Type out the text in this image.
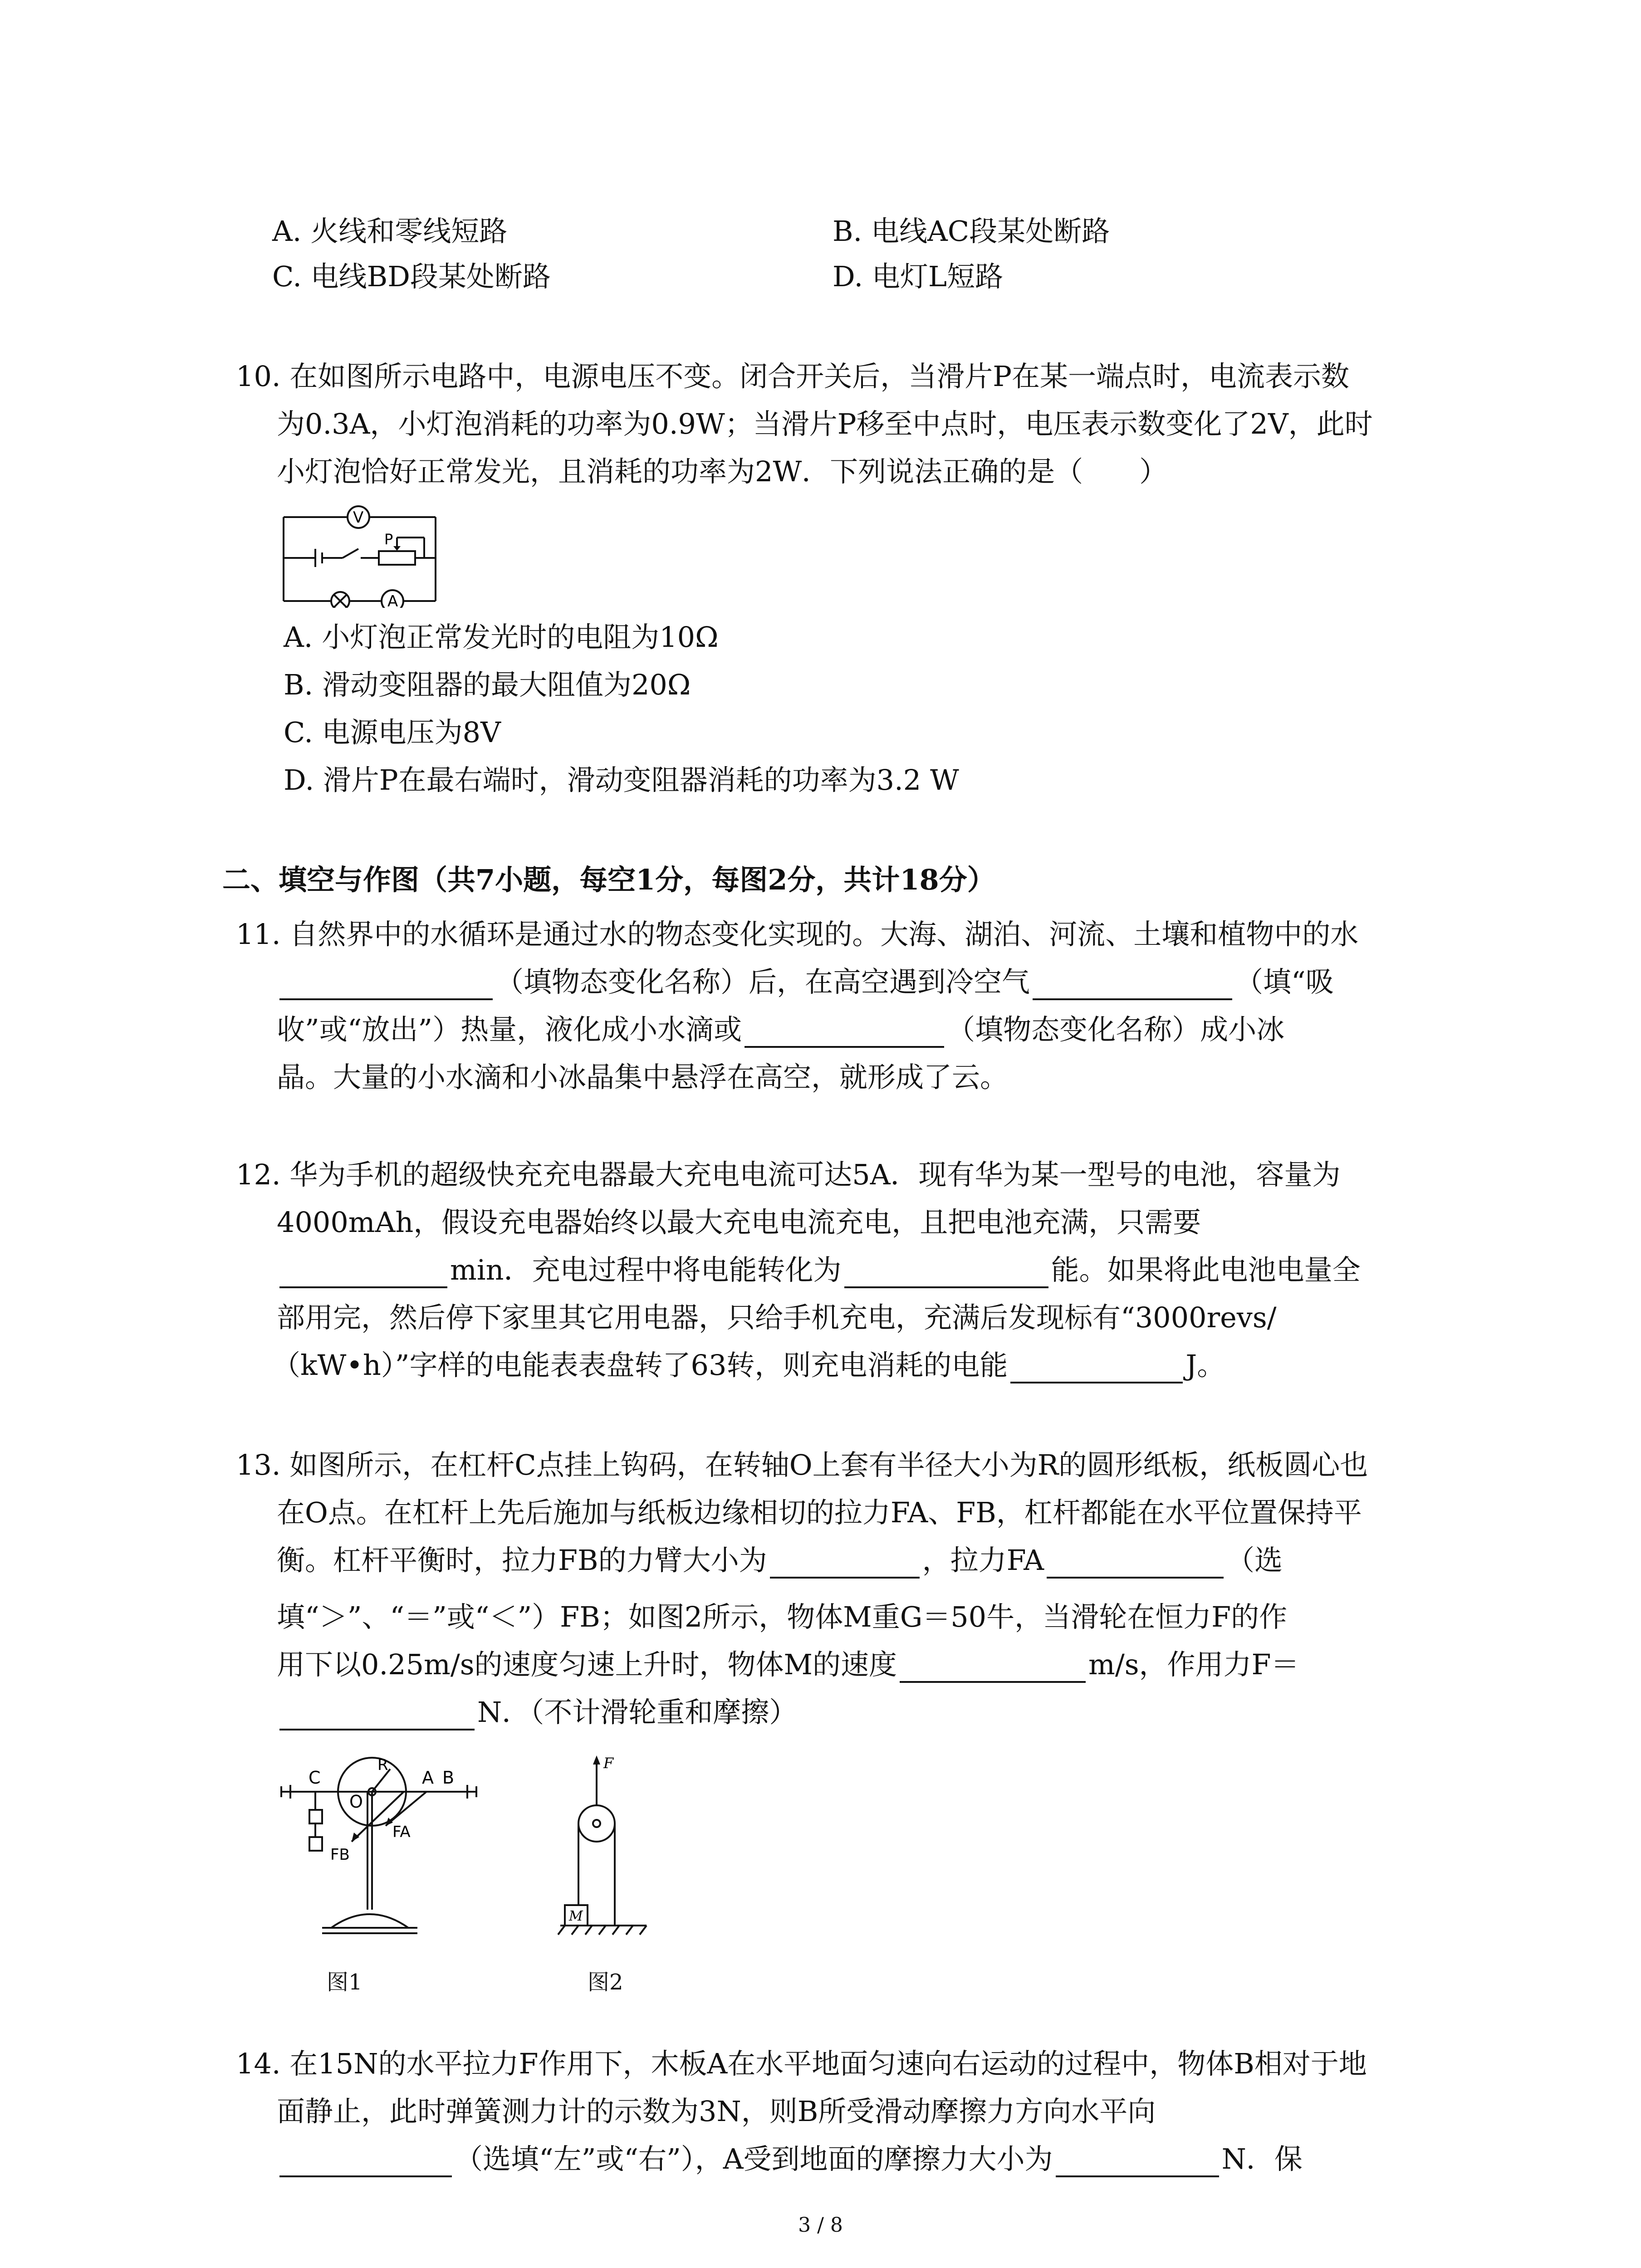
A. 火线和零线短路	B. 电线AC段某处断路
C. 电线BD段某处断路	D. 电灯L短路
10. 在如图所示电路中，电源电压不变。闭合开关后，当滑片P在某一端点时，电流表示数
为0.3A，小灯泡消耗的功率为0.9W；当滑片P移至中点时，电压表示数变化了2V，此时
小灯泡恰好正常发光，且消耗的功率为2W．下列说法正确的是（　　）
V
A
P
A. 小灯泡正常发光时的电阻为10Ω
B. 滑动变阻器的最大阻值为20Ω
C. 电源电压为8V
D. 滑片P在最右端时，滑动变阻器消耗的功率为3.2 W
二、填空与作图（共7小题，每空1分，每图2分，共计18分）
11. 自然界中的水循环是通过水的物态变化实现的。大海、湖泊、河流、土壤和植物中的水
（填物态变化名称）后，在高空遇到冷空气	（填“吸
收”或“放出”）热量，液化成小水滴或	（填物态变化名称）成小冰
晶。大量的小水滴和小冰晶集中悬浮在高空，就形成了云。
12. 华为手机的超级快充充电器最大充电电流可达5A．现有华为某一型号的电池，容量为
4000mAh，假设充电器始终以最大充电电流充电，且把电池充满，只需要
min．充电过程中将电能转化为	能。如果将此电池电量全
部用完，然后停下家里其它用电器，只给手机充电，充满后发现标有“3000revs/
（kW•h）”字样的电能表表盘转了63转，则充电消耗的电能	J。
13. 如图所示，在杠杆C点挂上钩码，在转轴O上套有半径大小为R的圆形纸板，纸板圆心也
在O点。在杠杆上先后施加与纸板边缘相切的拉力FA、FB，杠杆都能在水平位置保持平
衡。杠杆平衡时，拉力FB的力臂大小为	，拉力FA	（选
填“＞”、“＝”或“＜”）FB；如图2所示，物体M重G＝50牛，当滑轮在恒力F的作
用下以0.25m/s的速度匀速上升时，物体M的速度	m/s，作用力F＝
N．（不计滑轮重和摩擦）
C
O
R
A B
FA
FB
图1
F
M
图2
14. 在15N的水平拉力F作用下，木板A在水平地面匀速向右运动的过程中，物体B相对于地
面静止，此时弹簧测力计的示数为3N，则B所受滑动摩擦力方向水平向
（选填“左”或“右”），A受到地面的摩擦力大小为	N．保
3 / 8
